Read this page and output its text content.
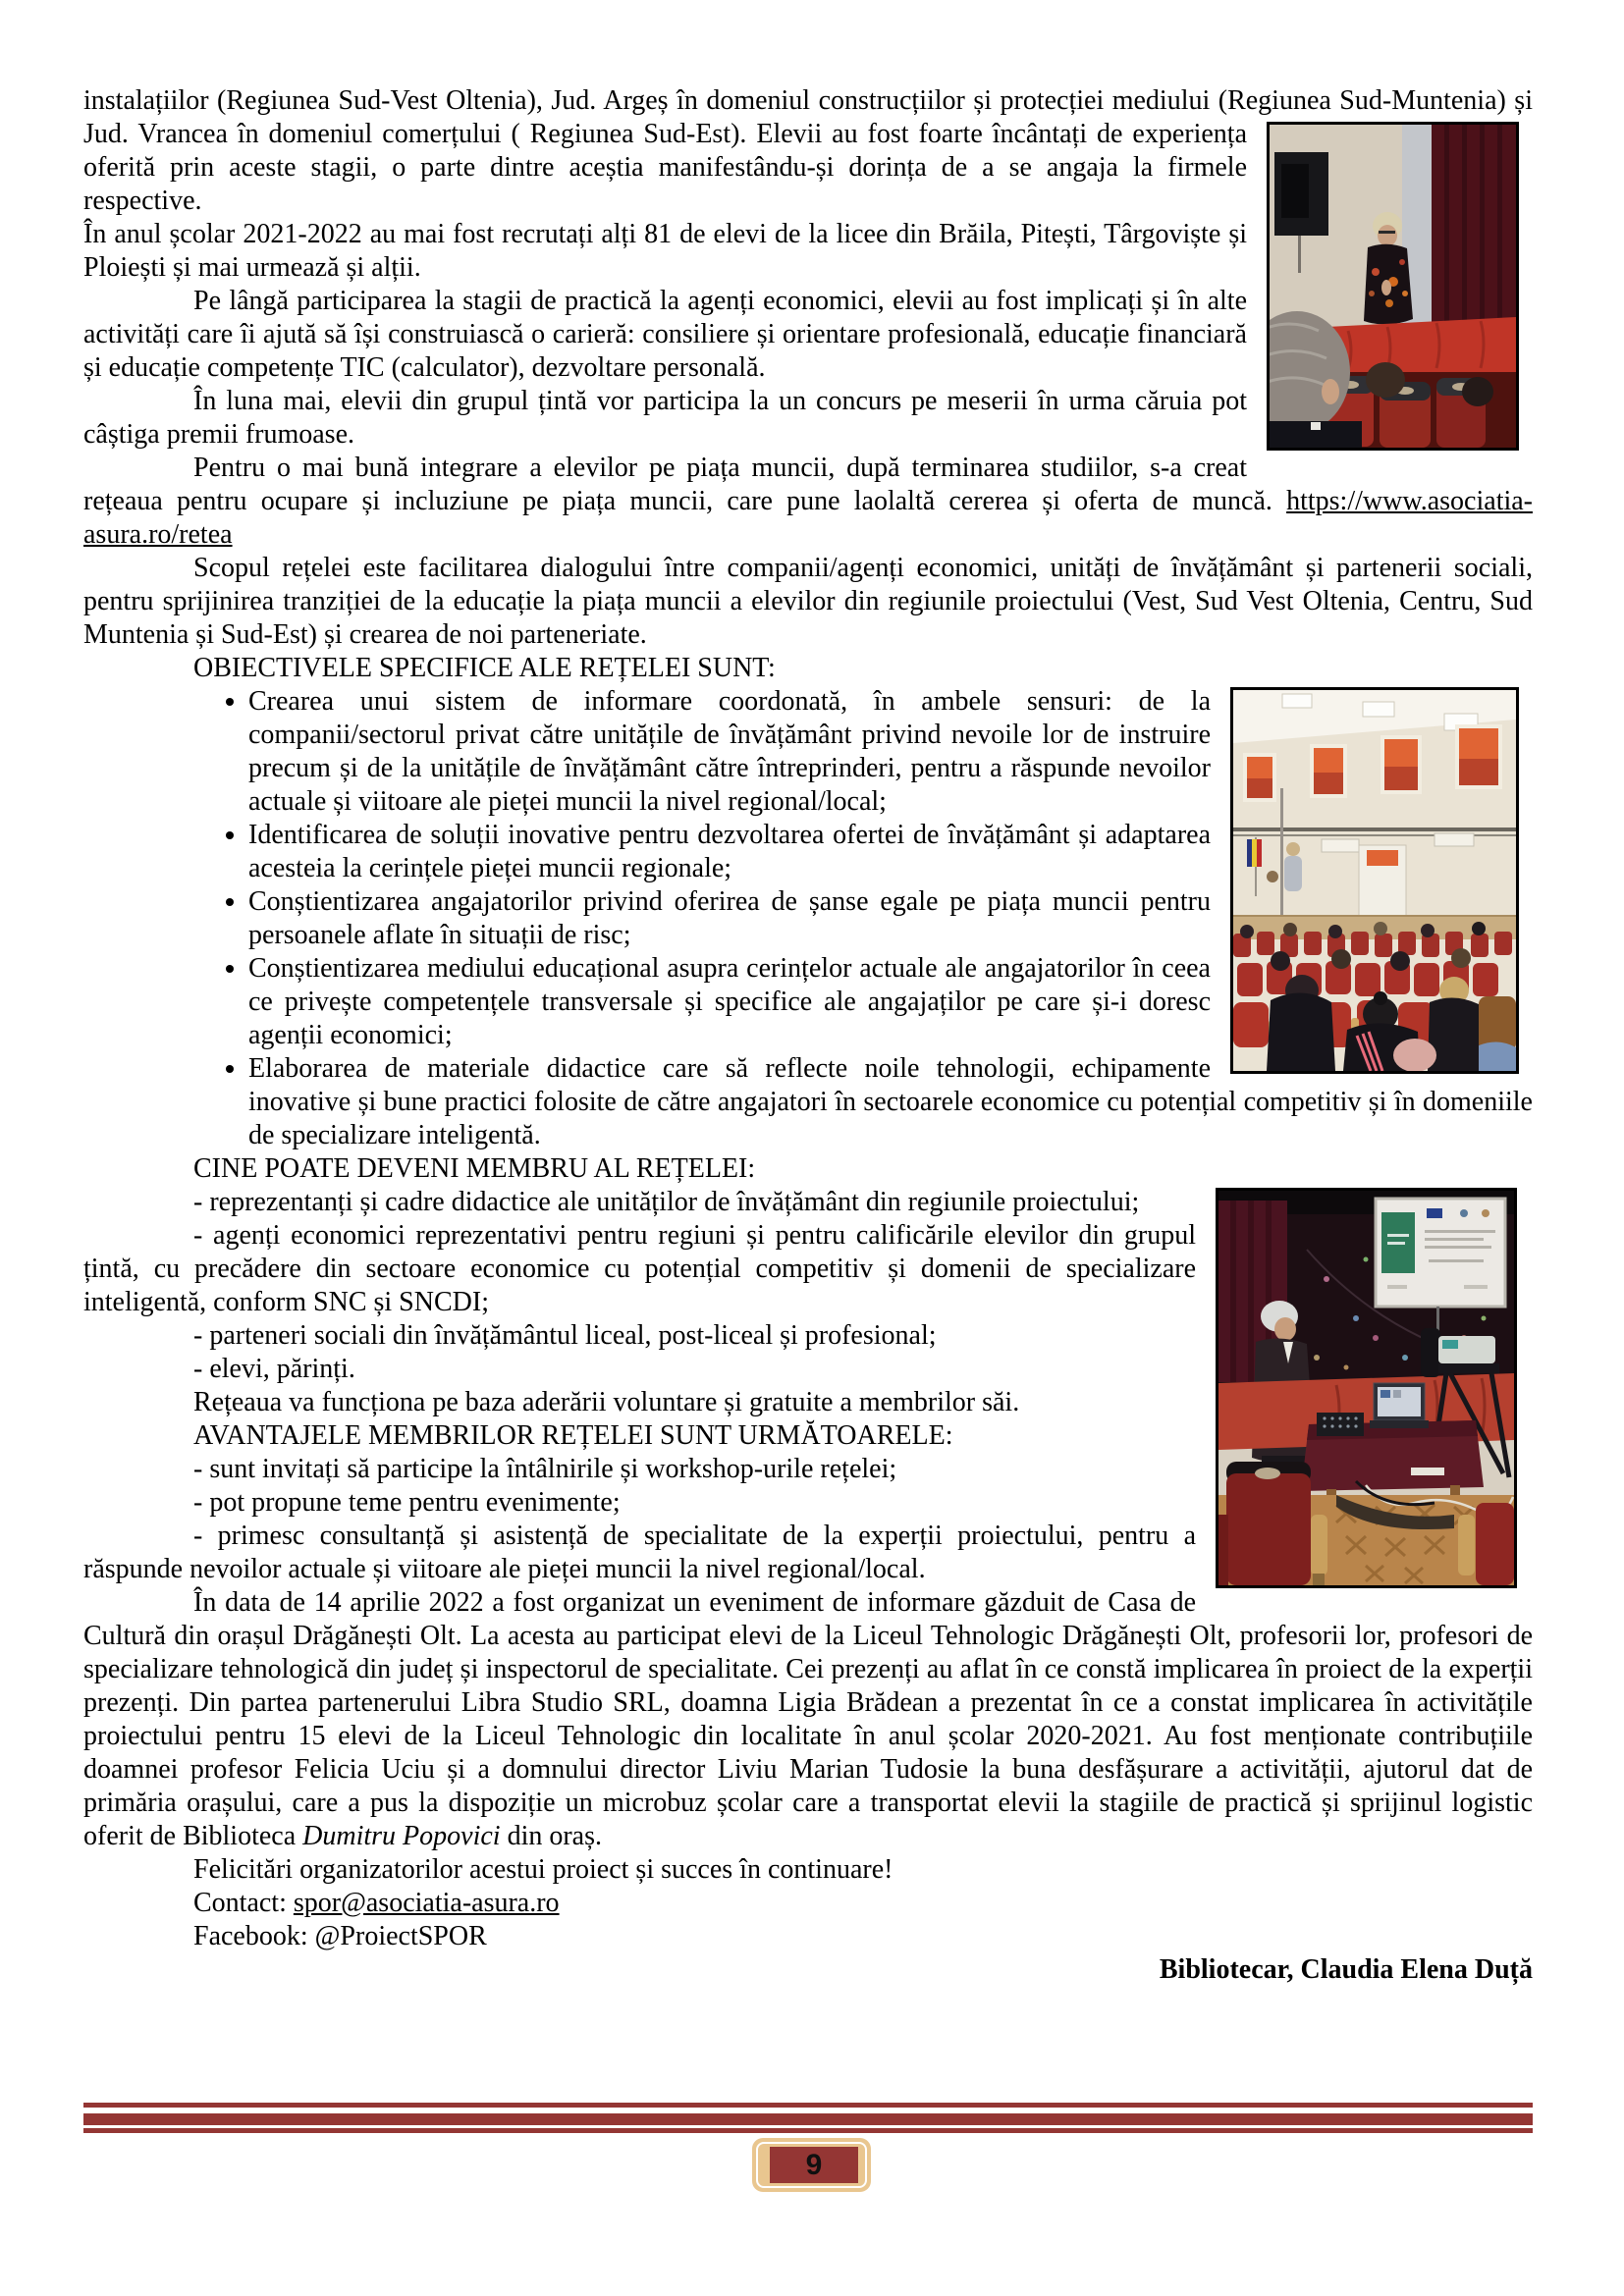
instalațiilor (Regiunea Sud-Vest Oltenia), Jud. Argeș în domeniul construcțiilor și protecției mediului (Regiunea Sud-Muntenia) și Jud. Vrancea în domeniul comerțului ( Regiunea Sud-Est). Elevii au fost foarte încântați de experiența
oferită prin aceste stagii, o parte dintre aceștia manifestându-și dorința de a se angaja la firmele respective.

În anul școlar 2021-2022 au mai fost recrutați alți 81 de elevi de la licee din Brăila, Pitești, Târgoviște și Ploiești și mai urmează și alții.

Pe lângă participarea la stagii de practică la agenți economici, elevii au fost implicați și în alte activități care îi ajută să își construiască o carieră: consiliere și orientare profesională, educație financiară și educație competențe TIC (calculator), dezvoltare personală.

În luna mai, elevii din grupul țintă vor participa la un concurs pe meserii în urma căruia pot câștiga premii frumoase.

Pentru o mai bună integrare a elevilor pe piața muncii, după terminarea studiilor, s-a creat rețeaua pentru ocupare și incluziune pe piața muncii, care pune laolaltă cererea și oferta de muncă. https://www.asociatia-asura.ro/retea

Scopul rețelei este facilitarea dialogului între companii/agenți economici, unități de învățământ și partenerii sociali, pentru sprijinirea tranziției de la educație la piața muncii a elevilor din regiunile proiectului (Vest, Sud Vest Oltenia, Centru, Sud Muntenia și Sud-Est) și crearea de noi parteneriate.

OBIECTIVELE SPECIFICE ALE REȚELEI SUNT:

• Crearea unui sistem de informare coordonată, în ambele sensuri: de la companii/sectorul privat către unitățile de învățământ privind nevoile lor de instruire precum și de la unitățile de învățământ către întreprinderi, pentru a răspunde nevoilor actuale și viitoare ale pieței muncii la nivel regional/local;
• Identificarea de soluții inovative pentru dezvoltarea ofertei de învățământ și adaptarea acesteia la cerințele pieței muncii regionale;
• Conștientizarea angajatorilor privind oferirea de șanse egale pe piața muncii pentru persoanele aflate în situații de risc;
• Conștientizarea mediului educațional asupra cerințelor actuale ale angajatorilor în ceea ce privește competențele transversale și specifice ale angajaților pe care și-i doresc agenții economici;
• Elaborarea de materiale didactice care să reflecte noile tehnologii, echipamente inovative și bune practici folosite de către angajatori în sectoarele economice cu potențial competitiv și în domeniile de specializare inteligentă.

CINE POATE DEVENI MEMBRU AL REȚELEI:

- reprezentanți și cadre didactice ale unităților de învățământ din regiunile proiectului;

- agenți economici reprezentativi pentru regiuni și pentru calificările elevilor din grupul țintă, cu precădere din sectoare economice cu potențial competitiv și domenii de specializare inteligentă, conform SNC și SNCDI;

- parteneri sociali din învățământul liceal, post-liceal și profesional;

- elevi, părinți.

Rețeaua va funcționa pe baza aderării voluntare și gratuite a membrilor săi.

AVANTAJELE MEMBRILOR REȚELEI SUNT URMĂTOARELE:

- sunt invitați să participe la întâlnirile și workshop-urile rețelei;

- pot propune teme pentru evenimente;

- primesc consultanță și asistență de specialitate de la experții proiectului, pentru a răspunde nevoilor actuale și viitoare ale pieței muncii la nivel regional/local.

În data de 14 aprilie 2022 a fost organizat un eveniment de informare găzduit de Casa de Cultură din orașul Drăgănești Olt. La acesta au participat elevi de la Liceul Tehnologic Drăgănești Olt, profesorii lor, profesori de specializare tehnologică din județ și inspectorul de specialitate. Cei prezenți au aflat în ce constă implicarea în proiect de la experții prezenți. Din partea partenerului Libra Studio SRL, doamna Ligia Brădean a prezentat în ce a constat implicarea în activitățile proiectului pentru 15 elevi de la Liceul Tehnologic din localitate în anul școlar 2020-2021. Au fost menționate contribuțiile doamnei profesor Felicia Uciu și a domnului director Liviu Marian Tudosie la buna desfășurare a activității, ajutorul dat de primăria orașului, care a pus la dispoziție un microbuz școlar care a transportat elevii la stagiile de practică și sprijinul logistic oferit de Biblioteca Dumitru Popovici din oraș.

Felicitări organizatorilor acestui proiect și succes în continuare!

Contact: spor@asociatia-asura.ro

Facebook: @ProiectSPOR

Bibliotecar, Claudia Elena Duță

9
